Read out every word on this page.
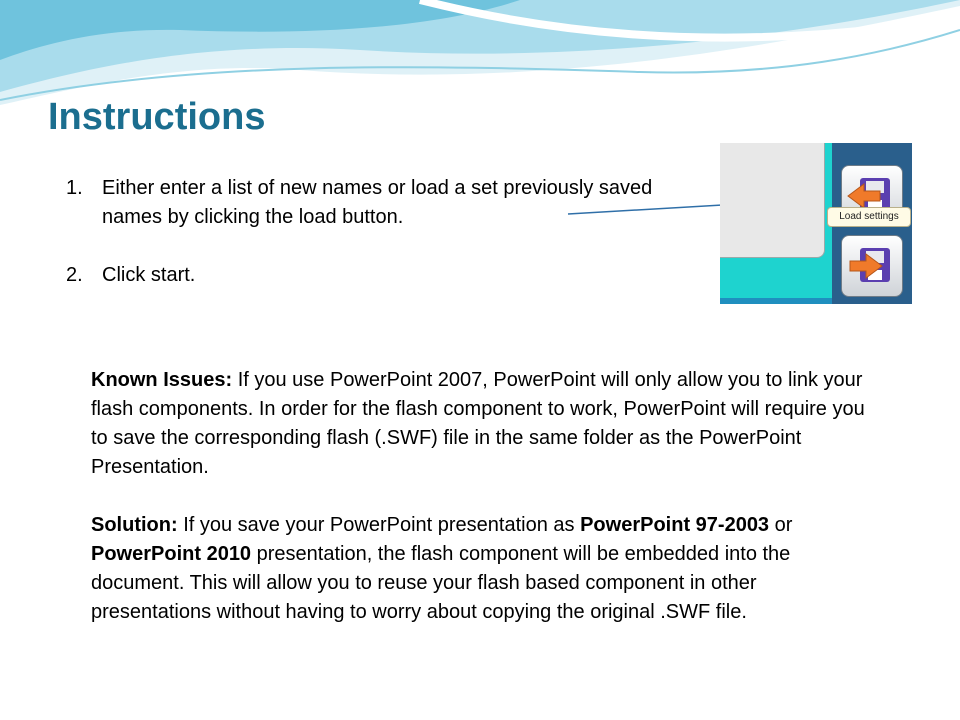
Instructions
1. Either enter a list of new names or load a set previously saved names by clicking the load button.
2. Click start.
Load settings

Known Issues: If you use PowerPoint 2007, PowerPoint will only allow you to link your flash components. In order for the flash component to work, PowerPoint will require you to save the corresponding flash (.SWF) file in the same folder as the PowerPoint Presentation.

Solution: If you save your PowerPoint presentation as PowerPoint 97-2003 or PowerPoint 2010 presentation, the flash component will be embedded into the document. This will allow you to reuse your flash based component in other presentations without having to worry about copying the original .SWF file.
